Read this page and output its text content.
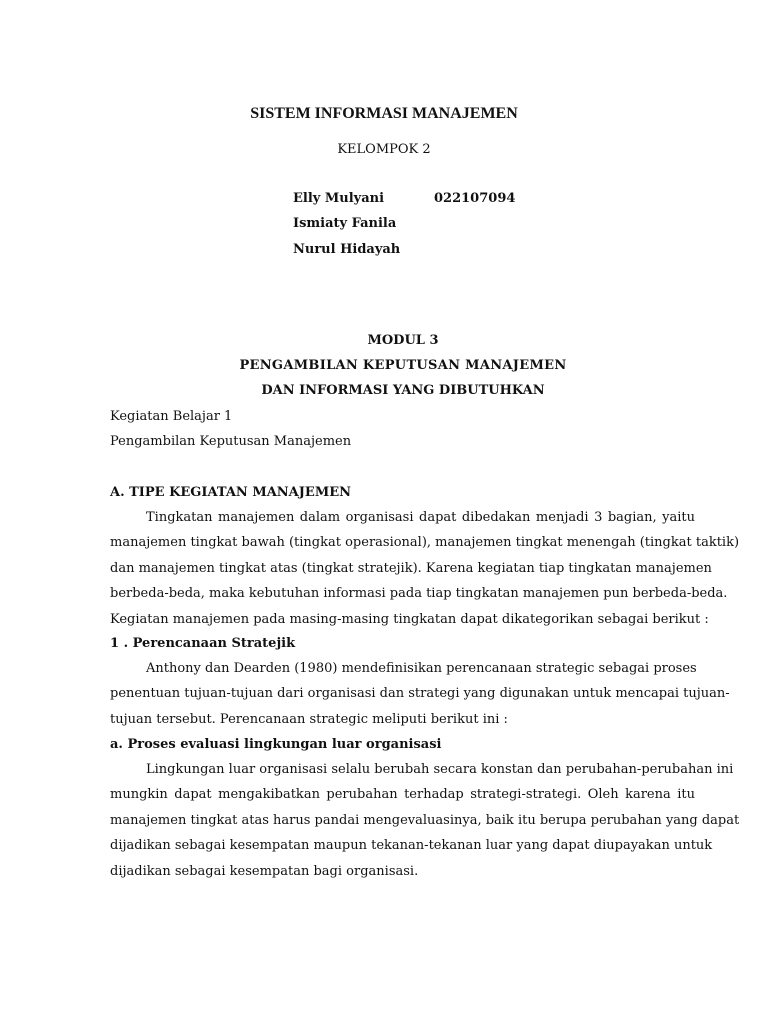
SISTEM INFORMASI MANAJEMEN
KELOMPOK 2
Elly Mulyani	022107094
Ismiaty Fanila
Nurul Hidayah
MODUL 3
PENGAMBILAN KEPUTUSAN MANAJEMEN
DAN INFORMASI YANG DIBUTUHKAN
Kegiatan Belajar 1
Pengambilan Keputusan Manajemen
A. TIPE KEGIATAN MANAJEMEN
Tingkatan manajemen dalam organisasi dapat dibedakan menjadi 3 bagian, yaitu
manajemen tingkat bawah (tingkat operasional), manajemen tingkat menengah (tingkat taktik)
dan manajemen tingkat atas (tingkat stratejik). Karena kegiatan tiap tingkatan manajemen
berbeda-beda, maka kebutuhan informasi pada tiap tingkatan manajemen pun berbeda-beda.
Kegiatan manajemen pada masing-masing tingkatan dapat dikategorikan sebagai berikut :
1 . Perencanaan Stratejik
Anthony dan Dearden (1980) mendefinisikan perencanaan strategic sebagai proses
penentuan tujuan-tujuan dari organisasi dan strategi yang digunakan untuk mencapai tujuan-
tujuan tersebut. Perencanaan strategic meliputi berikut ini :
a. Proses evaluasi lingkungan luar organisasi
Lingkungan luar organisasi selalu berubah secara konstan dan perubahan-perubahan ini
mungkin dapat mengakibatkan perubahan terhadap strategi-strategi. Oleh karena itu
manajemen tingkat atas harus pandai mengevaluasinya, baik itu berupa perubahan yang dapat
dijadikan sebagai kesempatan maupun tekanan-tekanan luar yang dapat diupayakan untuk
dijadikan sebagai kesempatan bagi organisasi.
